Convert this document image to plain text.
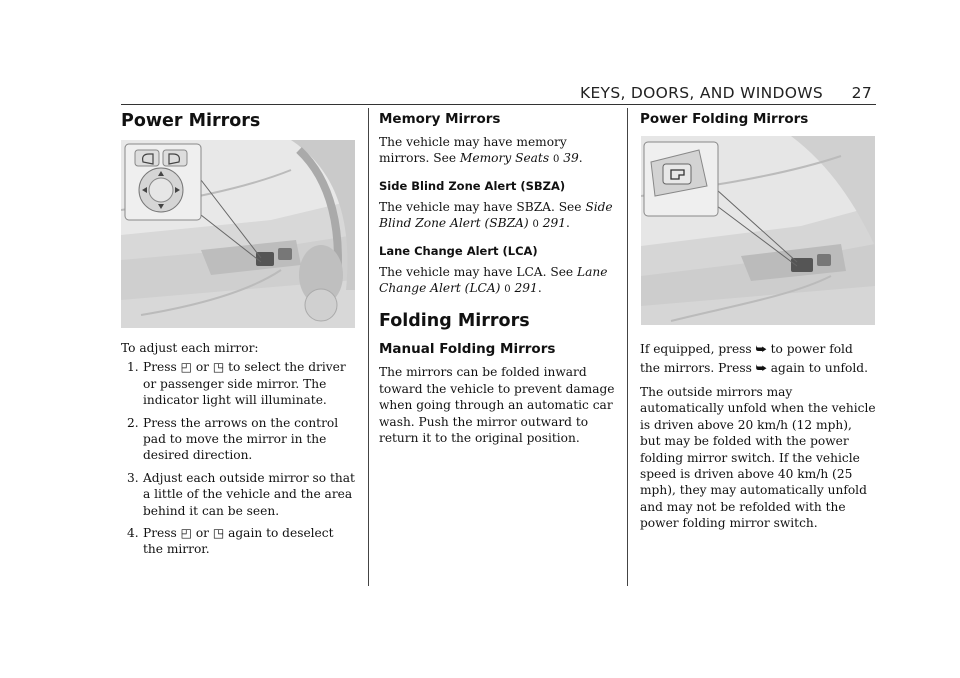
KEYS, DOORS, AND WINDOWS 27
Power Mirrors

To adjust each mirror:

1. Press ◰ or ◳ to select the driver or passenger side mirror. The indicator light will illuminate.
2. Press the arrows on the control pad to move the mirror in the desired direction.
3. Adjust each outside mirror so that a little of the vehicle and the area behind it can be seen.
4. Press ◰ or ◳ again to deselect the mirror.
Memory Mirrors

The vehicle may have memory mirrors. See Memory Seats 0 39.

Side Blind Zone Alert (SBZA)

The vehicle may have SBZA. See Side Blind Zone Alert (SBZA) 0 291.

Lane Change Alert (LCA)

The vehicle may have LCA. See Lane Change Alert (LCA) 0 291.

Folding Mirrors
Manual Folding Mirrors

The mirrors can be folded inward toward the vehicle to prevent damage when going through an automatic car wash. Push the mirror outward to return it to the original position.

Power Folding Mirrors

If equipped, press ⮩ to power fold the mirrors. Press ⮩ again to unfold.

The outside mirrors may automatically unfold when the vehicle is driven above 20 km/h (12 mph), but may be folded with the power folding mirror switch. If the vehicle speed is driven above 40 km/h (25 mph), they may automatically unfold and may not be refolded with the power folding mirror switch.
